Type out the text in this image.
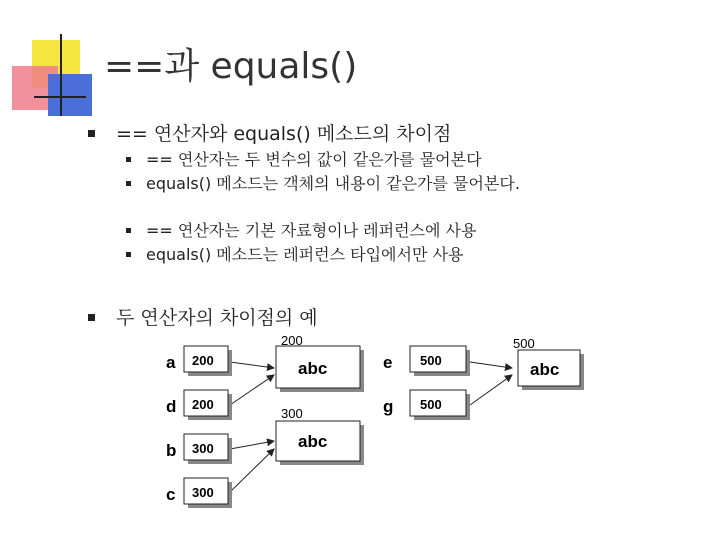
==과 equals()
== 연산자와 equals() 메소드의 차이점
== 연산자는 두 변수의 값이 같은가를 물어본다
equals() 메소드는 객체의 내용이 같은가를 물어본다.
== 연산자는 기본 자료형이나 레퍼런스에 사용
equals() 메소드는 레퍼런스 타입에서만 사용
두 연산자의 차이점의 예
200
a
200
d
300
b
300
c
500
e
500
g
abc
200
abc
300
abc
500
